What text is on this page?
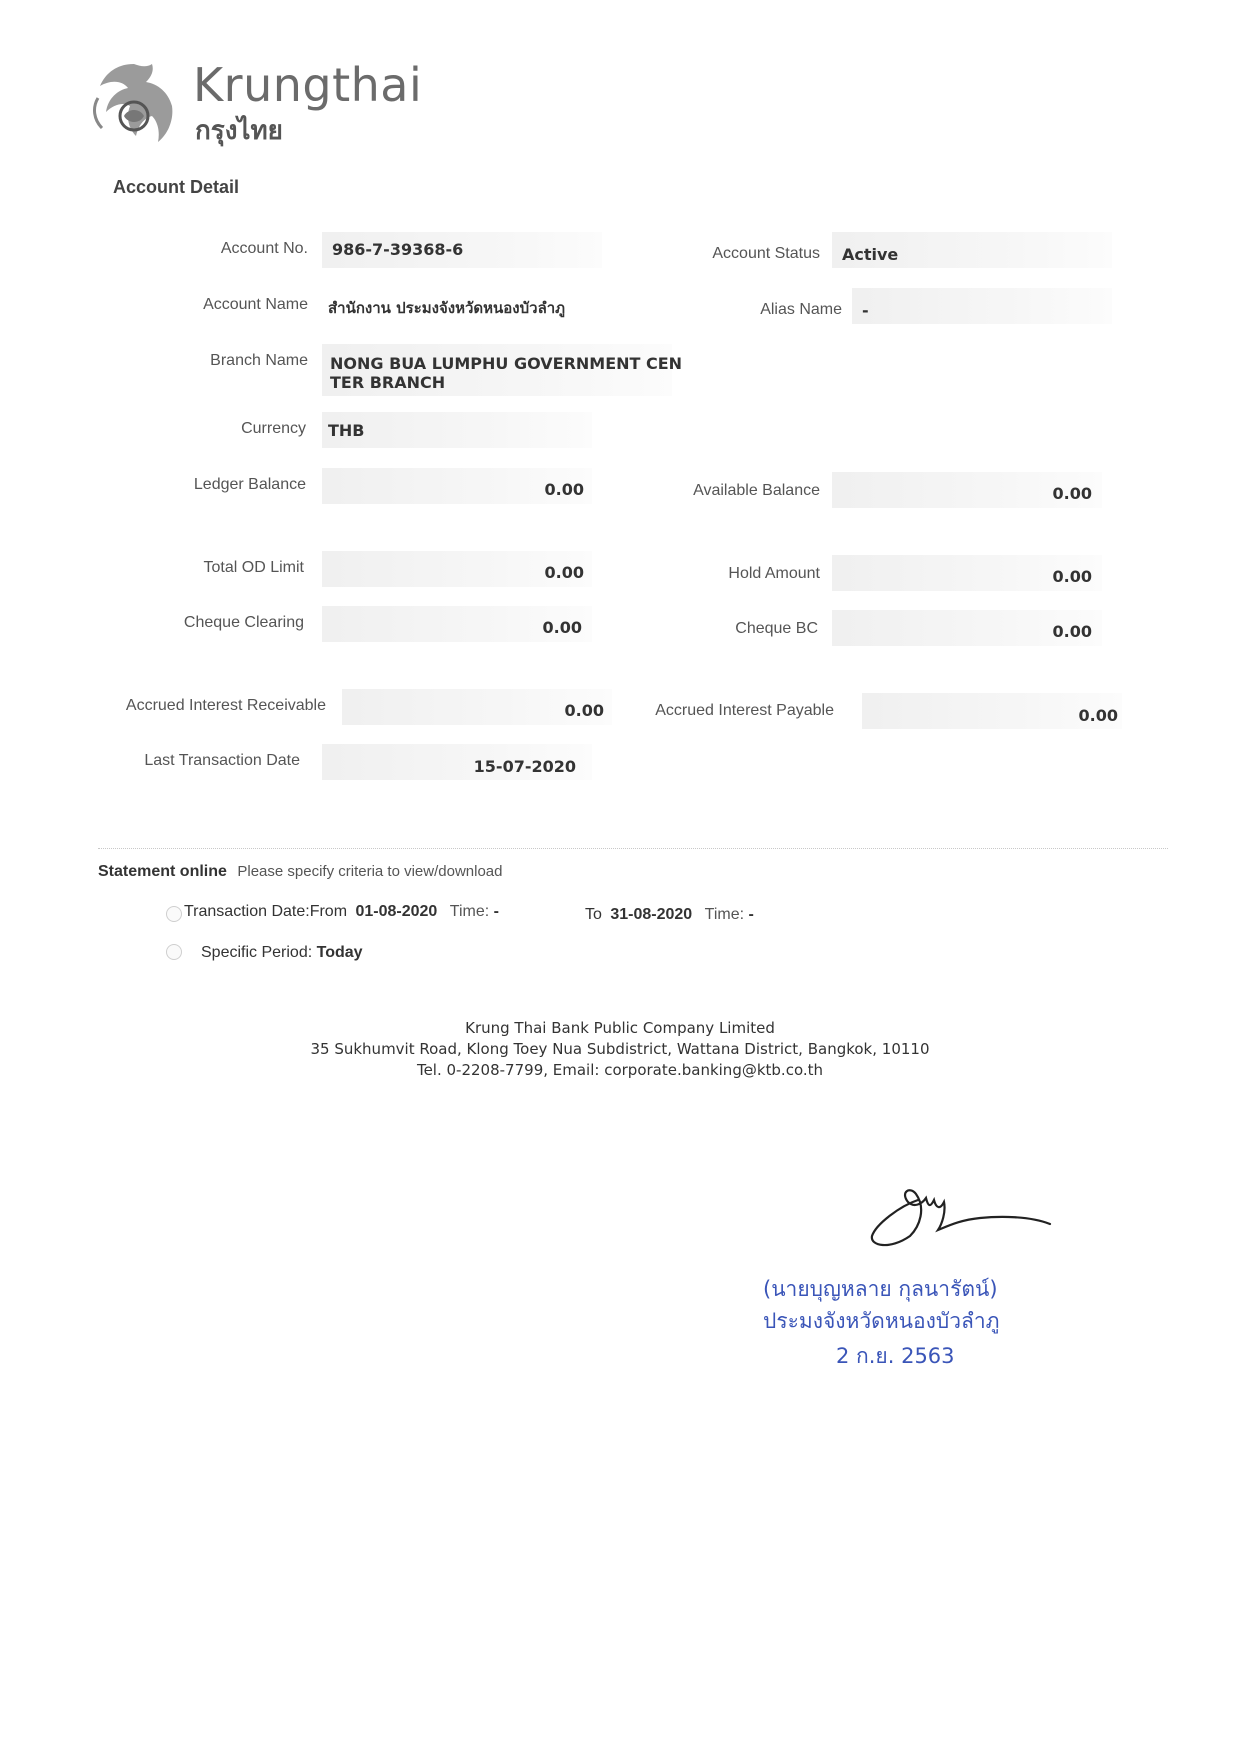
Krungthai
กรุงไทย
Account Detail
Account No. 986-7-39368-6	Account Status Active
Account Name สำนักงาน ประมงจังหวัดหนองบัวลำภู	Alias Name -
Branch Name NONG BUA LUMPHU GOVERNMENT CEN
TER BRANCH
Currency THB
Ledger Balance	0.00	Available Balance	0.00
Total OD Limit	0.00	Hold Amount	0.00
Cheque Clearing	0.00	Cheque BC	0.00
Accrued Interest Receivable	0.00	Accrued Interest Payable	0.00
Last Transaction Date	15-07-2020
Statement online Please specify criteria to view/download
Transaction Date:From 01-08-2020 Time: -	To 31-08-2020 Time: -
Specific Period: Today
Krung Thai Bank Public Company Limited
35 Sukhumvit Road, Klong Toey Nua Subdistrict, Wattana District, Bangkok, 10110
Tel. 0-2208-7799, Email: corporate.banking@ktb.co.th
(นายบุญหลาย กุลนารัตน์)
ประมงจังหวัดหนองบัวลำภู
2 ก.ย. 2563
